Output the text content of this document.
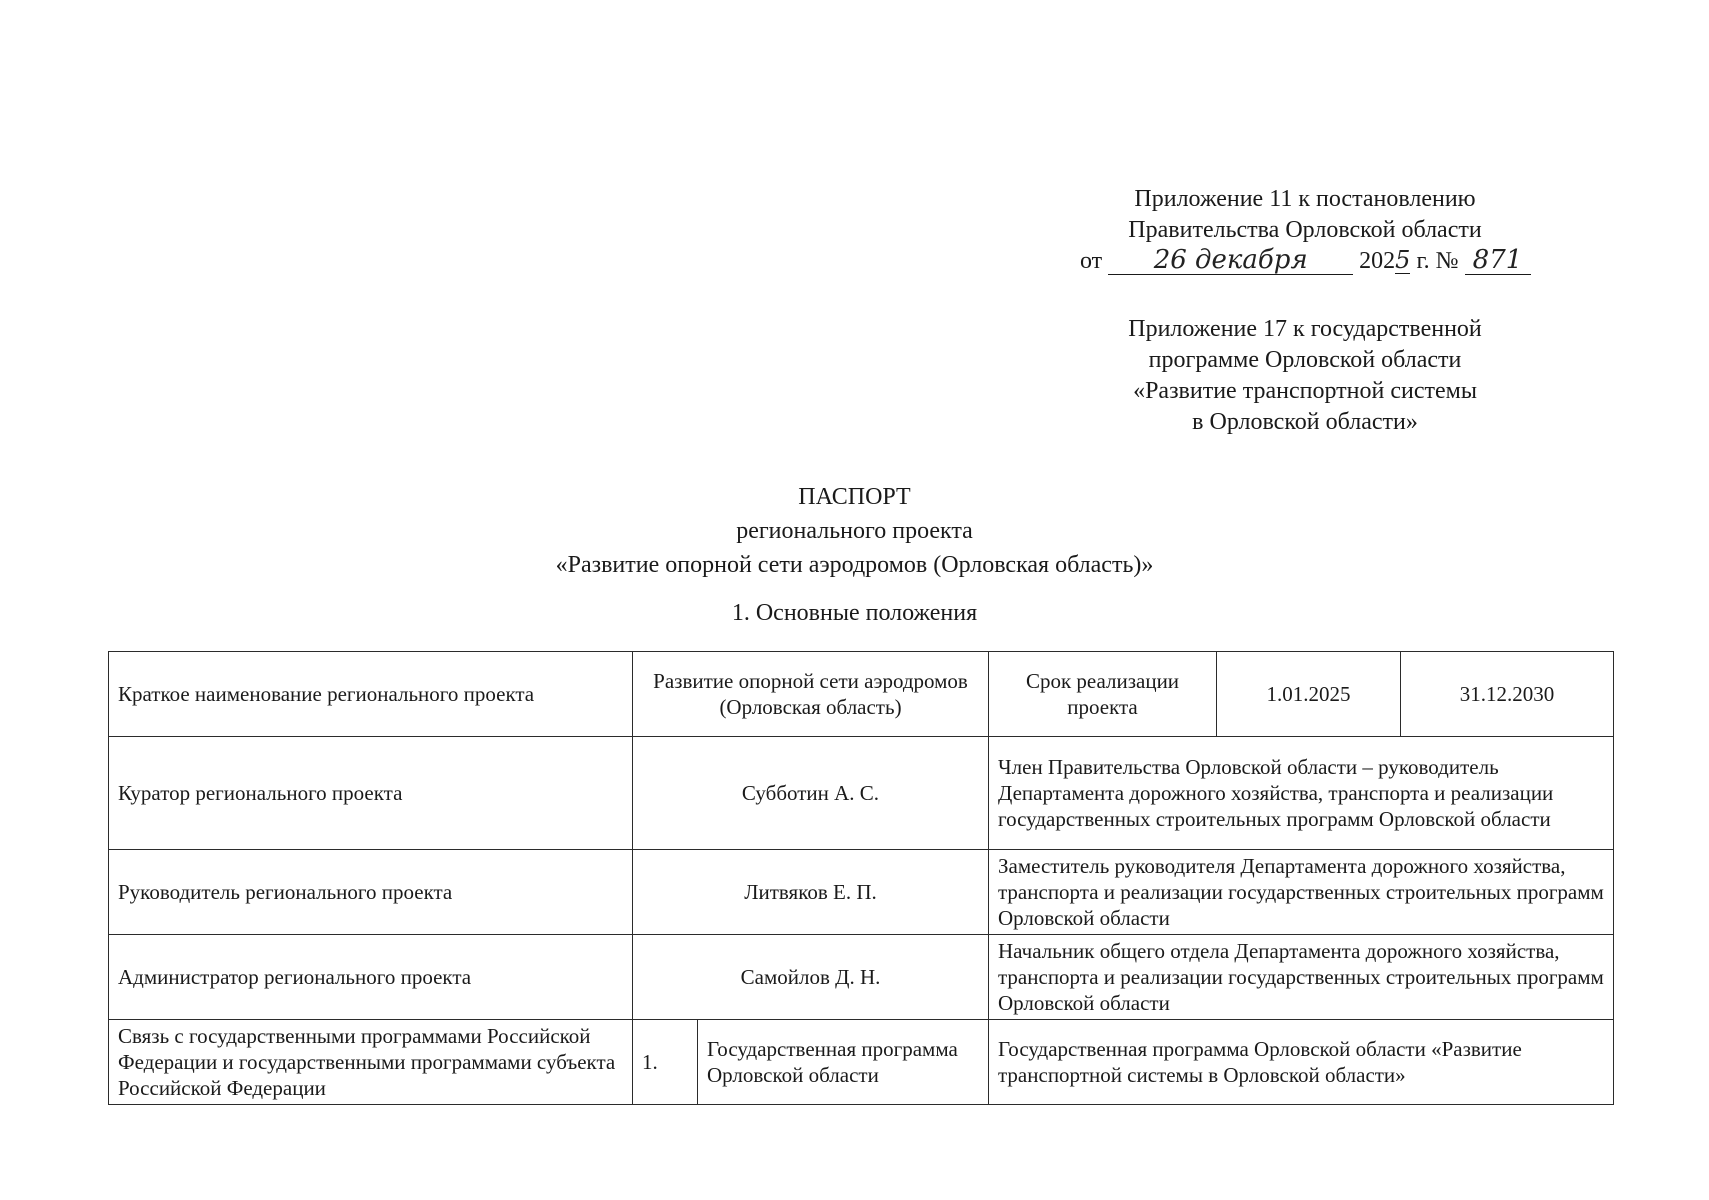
Приложение 11 к постановлению
Правительства Орловской области
от 26 декабря 2025 г. № 871
Приложение 17 к государственной
программе Орловской области
«Развитие транспортной системы
в Орловской области»
ПАСПОРТ
регионального проекта
«Развитие опорной сети аэродромов (Орловская область)»
1. Основные положения
Краткое наименование регионального проекта	Развитие опорной сети аэродромов (Орловская область)		Срок реализации проекта	1.01.2025	31.12.2030
Куратор регионального проекта	Субботин А. С.		Член Правительства Орловской области – руководитель Департамента дорожного хозяйства, транспорта и реализации государственных строительных программ Орловской области		
Руководитель регионального проекта	Литвяков Е. П.		Заместитель руководителя Департамента дорожного хозяйства, транспорта и реализации государственных строительных программ Орловской области		
Администратор регионального проекта	Самойлов Д. Н.		Начальник общего отдела Департамента дорожного хозяйства, транспорта и реализации государственных строительных программ Орловской области		
Связь с государственными программами Российской Федерации и государственными программами субъекта Российской Федерации	1.	Государственная программа Орловской области	Государственная программа Орловской области «Развитие транспортной системы в Орловской области»		
